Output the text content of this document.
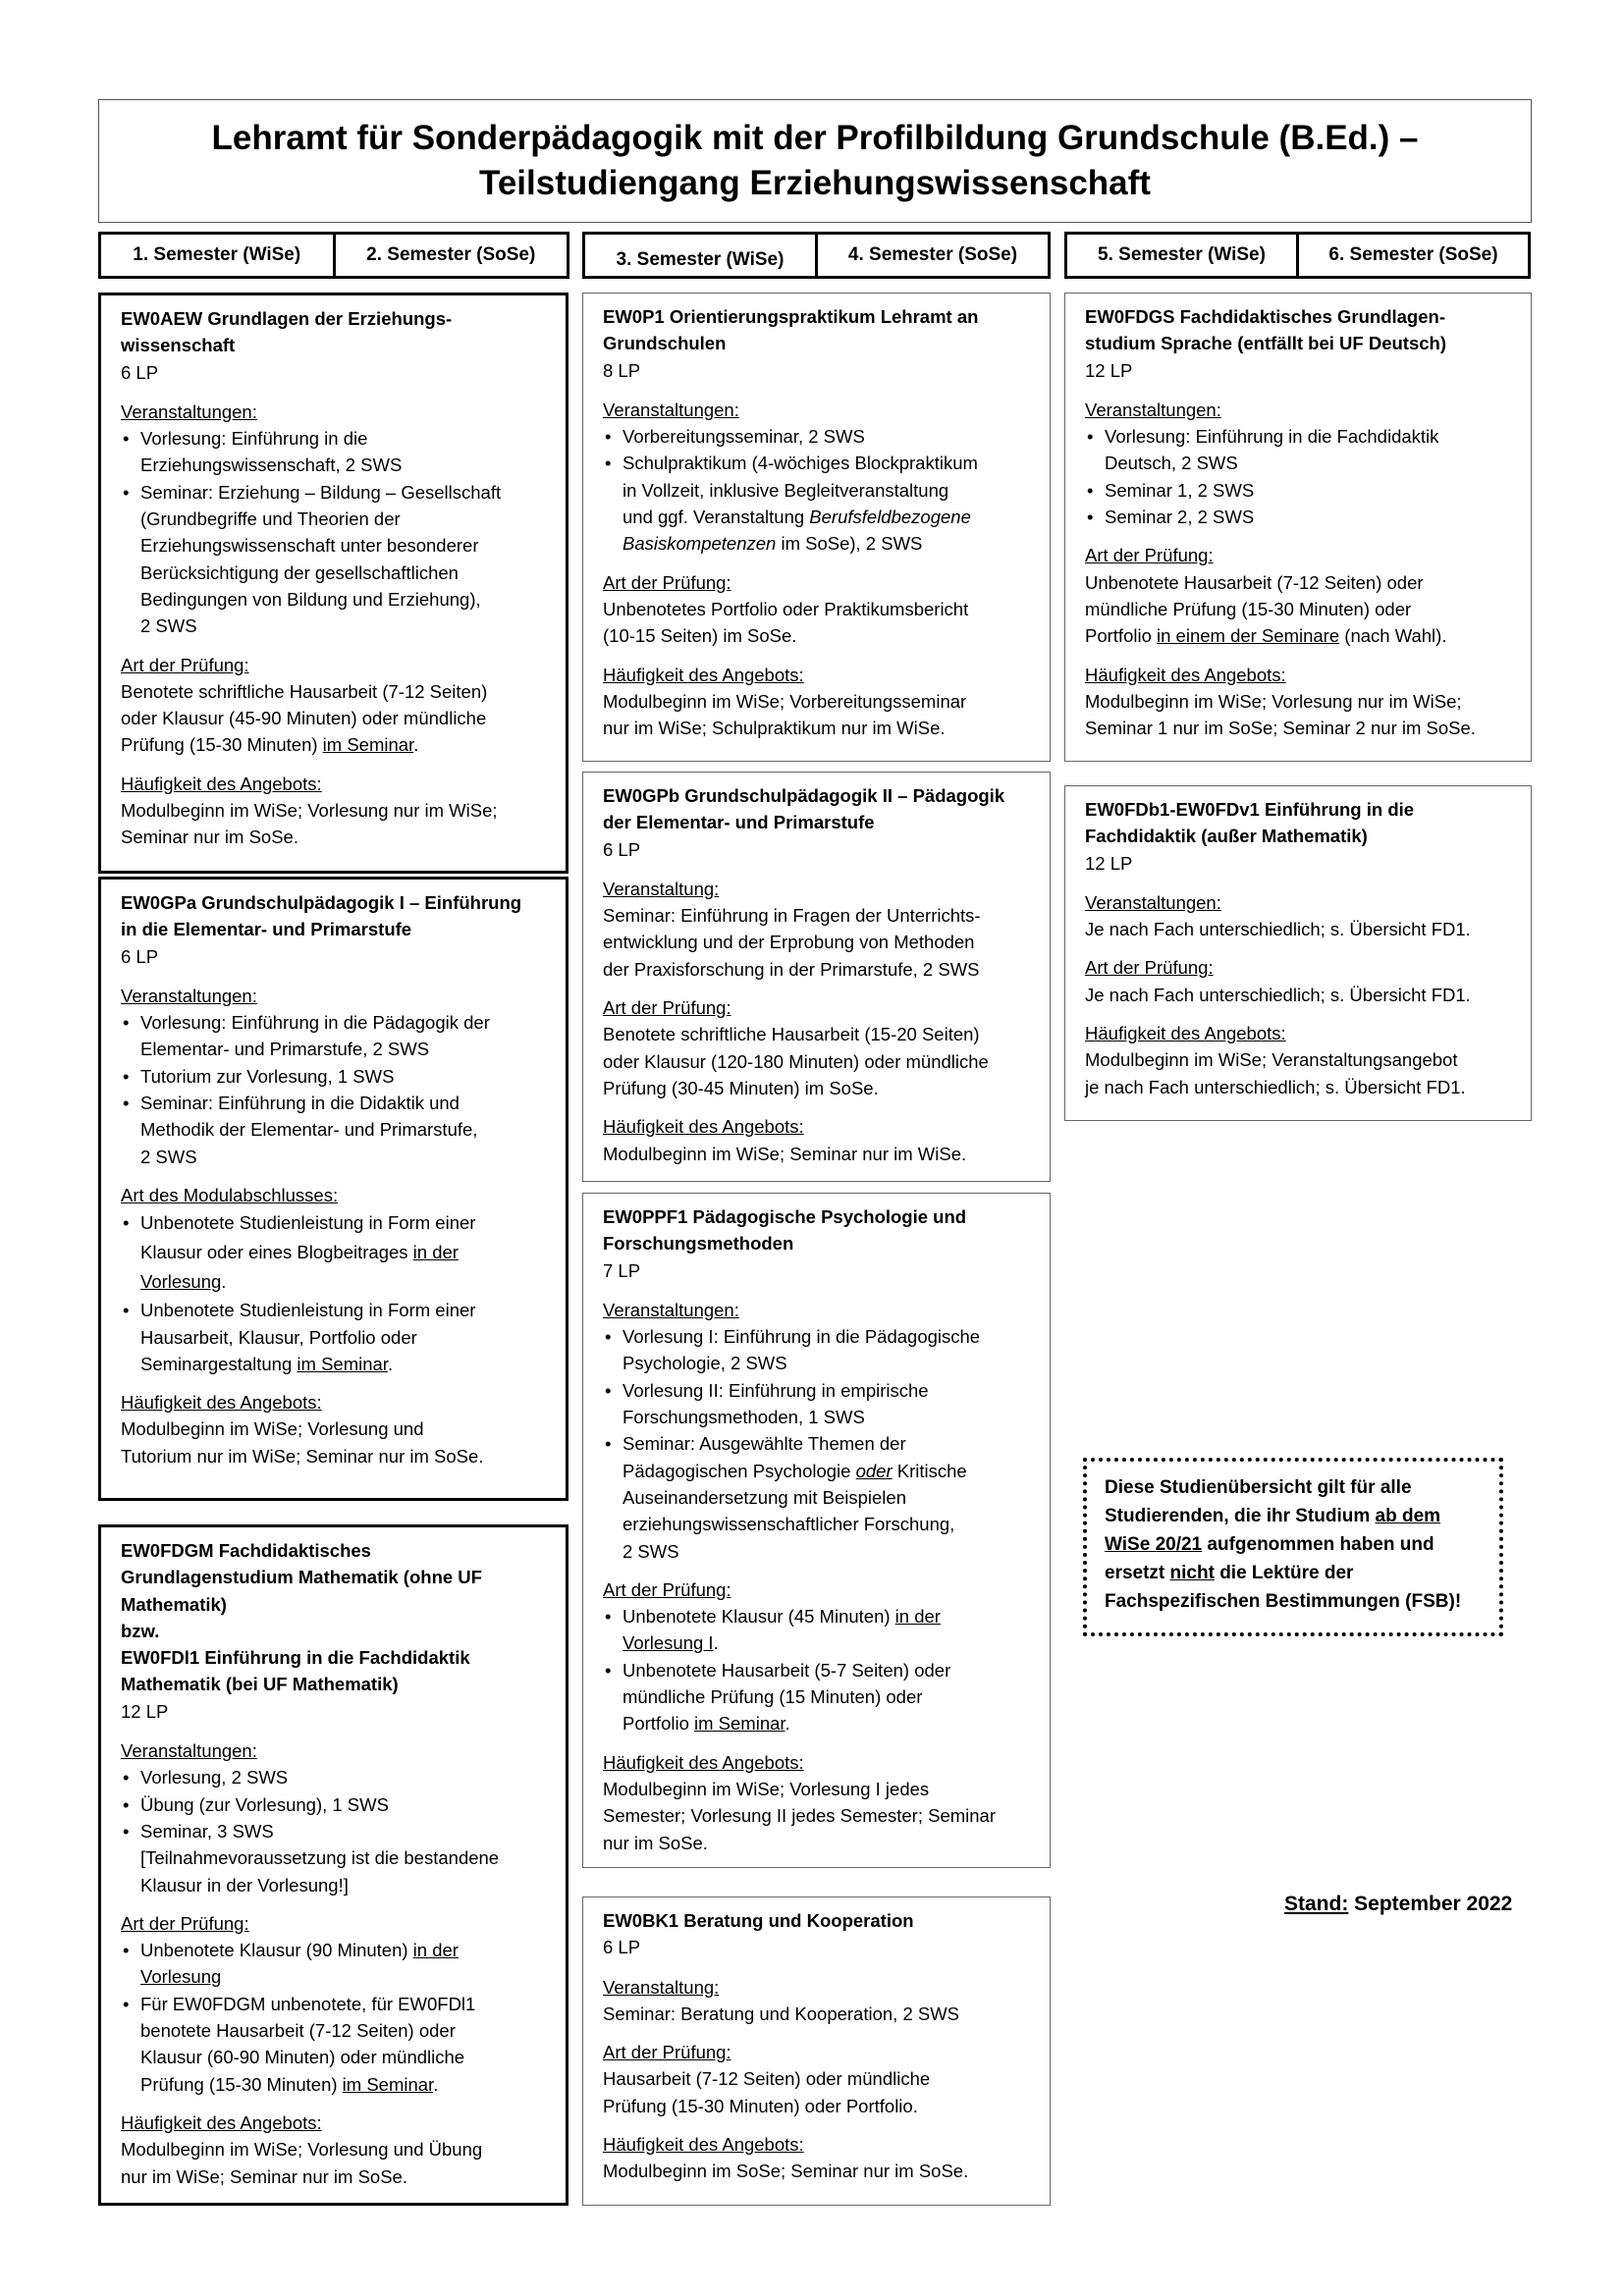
Lehramt für Sonderpädagogik mit der Profilbildung Grundschule (B.Ed.) –
Teilstudiengang Erziehungswissenschaft
1. Semester (WiSe)	2. Semester (SoSe)	3. Semester (WiSe)	4. Semester (SoSe)	5. Semester (WiSe)	6. Semester (SoSe)
EW0AEW Grundlagen der Erziehungs-
wissenschaft
6 LP
Veranstaltungen:
• Vorlesung: Einführung in die
Erziehungswissenschaft, 2 SWS
• Seminar: Erziehung – Bildung – Gesellschaft
(Grundbegriffe und Theorien der
Erziehungswissenschaft unter besonderer
Berücksichtigung der gesellschaftlichen
Bedingungen von Bildung und Erziehung),
2 SWS
Art der Prüfung:
Benotete schriftliche Hausarbeit (7-12 Seiten)
oder Klausur (45-90 Minuten) oder mündliche
Prüfung (15-30 Minuten) im Seminar.
Häufigkeit des Angebots:
Modulbeginn im WiSe; Vorlesung nur im WiSe;
Seminar nur im SoSe.
EW0GPa Grundschulpädagogik I – Einführung
in die Elementar- und Primarstufe
6 LP
Veranstaltungen:
• Vorlesung: Einführung in die Pädagogik der
Elementar- und Primarstufe, 2 SWS
• Tutorium zur Vorlesung, 1 SWS
• Seminar: Einführung in die Didaktik und
Methodik der Elementar- und Primarstufe,
2 SWS
Art des Modulabschlusses:
• Unbenotete Studienleistung in Form einer
Klausur oder eines Blogbeitrages in der
Vorlesung.
• Unbenotete Studienleistung in Form einer
Hausarbeit, Klausur, Portfolio oder
Seminargestaltung im Seminar.
Häufigkeit des Angebots:
Modulbeginn im WiSe; Vorlesung und
Tutorium nur im WiSe; Seminar nur im SoSe.
EW0FDGM Fachdidaktisches
Grundlagenstudium Mathematik (ohne UF
Mathematik)
bzw.
EW0FDl1 Einführung in die Fachdidaktik
Mathematik (bei UF Mathematik)
12 LP
Veranstaltungen:
• Vorlesung, 2 SWS
• Übung (zur Vorlesung), 1 SWS
• Seminar, 3 SWS
[Teilnahmevoraussetzung ist die bestandene
Klausur in der Vorlesung!]
Art der Prüfung:
• Unbenotete Klausur (90 Minuten) in der
Vorlesung
• Für EW0FDGM unbenotete, für EW0FDl1
benotete Hausarbeit (7-12 Seiten) oder
Klausur (60-90 Minuten) oder mündliche
Prüfung (15-30 Minuten) im Seminar.
Häufigkeit des Angebots:
Modulbeginn im WiSe; Vorlesung und Übung
nur im WiSe; Seminar nur im SoSe.
EW0P1 Orientierungspraktikum Lehramt an
Grundschulen
8 LP
Veranstaltungen:
• Vorbereitungsseminar, 2 SWS
• Schulpraktikum (4-wöchiges Blockpraktikum
in Vollzeit, inklusive Begleitveranstaltung
und ggf. Veranstaltung Berufsfeldbezogene
Basiskompetenzen im SoSe), 2 SWS
Art der Prüfung:
Unbenotetes Portfolio oder Praktikumsbericht
(10-15 Seiten) im SoSe.
Häufigkeit des Angebots:
Modulbeginn im WiSe; Vorbereitungsseminar
nur im WiSe; Schulpraktikum nur im WiSe.
EW0GPb Grundschulpädagogik II – Pädagogik
der Elementar- und Primarstufe
6 LP
Veranstaltung:
Seminar: Einführung in Fragen der Unterrichts-
entwicklung und der Erprobung von Methoden
der Praxisforschung in der Primarstufe, 2 SWS
Art der Prüfung:
Benotete schriftliche Hausarbeit (15-20 Seiten)
oder Klausur (120-180 Minuten) oder mündliche
Prüfung (30-45 Minuten) im SoSe.
Häufigkeit des Angebots:
Modulbeginn im WiSe; Seminar nur im WiSe.
EW0PPF1 Pädagogische Psychologie und
Forschungsmethoden
7 LP
Veranstaltungen:
• Vorlesung I: Einführung in die Pädagogische
Psychologie, 2 SWS
• Vorlesung II: Einführung in empirische
Forschungsmethoden, 1 SWS
• Seminar: Ausgewählte Themen der
Pädagogischen Psychologie oder Kritische
Auseinandersetzung mit Beispielen
erziehungswissenschaftlicher Forschung,
2 SWS
Art der Prüfung:
• Unbenotete Klausur (45 Minuten) in der
Vorlesung I.
• Unbenotete Hausarbeit (5-7 Seiten) oder
mündliche Prüfung (15 Minuten) oder
Portfolio im Seminar.
Häufigkeit des Angebots:
Modulbeginn im WiSe; Vorlesung I jedes
Semester; Vorlesung II jedes Semester; Seminar
nur im SoSe.
EW0BK1 Beratung und Kooperation
6 LP
Veranstaltung:
Seminar: Beratung und Kooperation, 2 SWS
Art der Prüfung:
Hausarbeit (7-12 Seiten) oder mündliche
Prüfung (15-30 Minuten) oder Portfolio.
Häufigkeit des Angebots:
Modulbeginn im SoSe; Seminar nur im SoSe.
EW0FDGS Fachdidaktisches Grundlagen-
studium Sprache (entfällt bei UF Deutsch)
12 LP
Veranstaltungen:
• Vorlesung: Einführung in die Fachdidaktik
Deutsch, 2 SWS
• Seminar 1, 2 SWS
• Seminar 2, 2 SWS
Art der Prüfung:
Unbenotete Hausarbeit (7-12 Seiten) oder
mündliche Prüfung (15-30 Minuten) oder
Portfolio in einem der Seminare (nach Wahl).
Häufigkeit des Angebots:
Modulbeginn im WiSe; Vorlesung nur im WiSe;
Seminar 1 nur im SoSe; Seminar 2 nur im SoSe.
EW0FDb1-EW0FDv1 Einführung in die
Fachdidaktik (außer Mathematik)
12 LP
Veranstaltungen:
Je nach Fach unterschiedlich; s. Übersicht FD1.
Art der Prüfung:
Je nach Fach unterschiedlich; s. Übersicht FD1.
Häufigkeit des Angebots:
Modulbeginn im WiSe; Veranstaltungsangebot
je nach Fach unterschiedlich; s. Übersicht FD1.
Diese Studienübersicht gilt für alle
Studierenden, die ihr Studium ab dem
WiSe 20/21 aufgenommen haben und
ersetzt nicht die Lektüre der
Fachspezifischen Bestimmungen (FSB)!
Stand: September 2022
